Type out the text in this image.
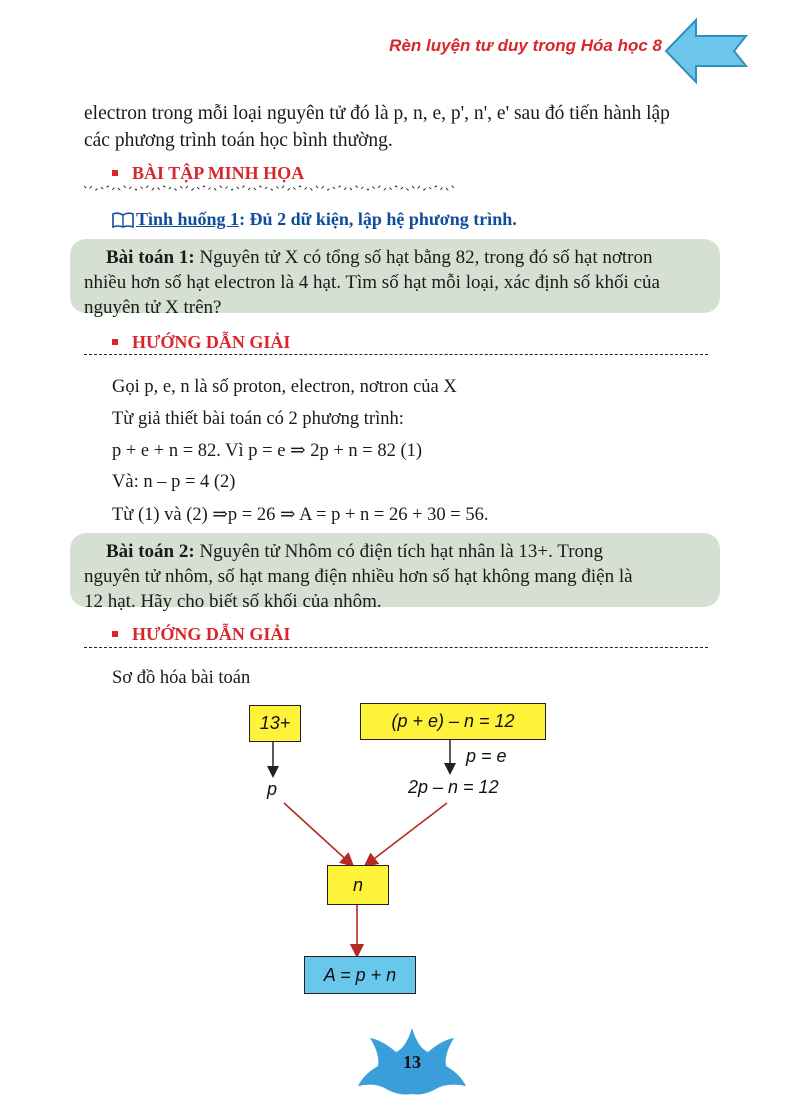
Rèn luyện tư duy trong Hóa học 8
electron trong mỗi loại nguyên tử đó là p, n, e, p', n', e' sau đó tiến hành lập
các phương trình toán học bình thường.
BÀI TẬP MINH HỌA
Tình huống 1: Đủ 2 dữ kiện, lập hệ phương trình.
Bài toán 1: Nguyên tử X có tổng số hạt bằng 82, trong đó số hạt nơtron
nhiều hơn số hạt electron là 4 hạt. Tìm số hạt mỗi loại, xác định số khối của
nguyên tử X trên?
HƯỚNG DẪN GIẢI
Gọi p, e, n là số proton, electron, nơtron của X
Từ giả thiết bài toán có 2 phương trình:
p + e + n = 82. Vì p = e ⇒ 2p + n = 82 (1)
Và: n – p = 4 (2)
Từ (1) và (2) ⇒p = 26 ⇒ A = p + n = 26 + 30 = 56.
Bài toán 2: Nguyên tử Nhôm có điện tích hạt nhân là 13+. Trong
nguyên tử nhôm, số hạt mang điện nhiều hơn số hạt không mang điện là
12 hạt. Hãy cho biết số khối của nhôm.
HƯỚNG DẪN GIẢI
Sơ đồ hóa bài toán
13+	(p + e) – n = 12
p = e
p	2p – n = 12
n
A = p + n
13
